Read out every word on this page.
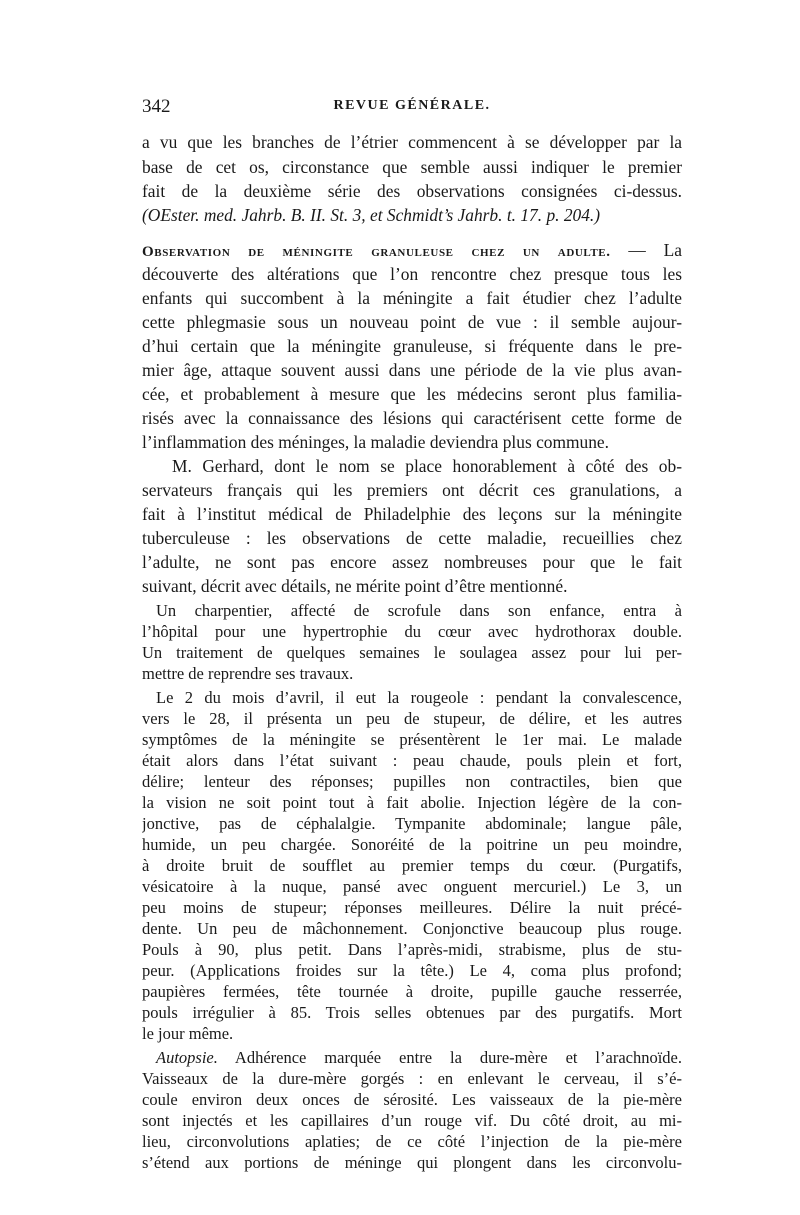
342	REVUE GÉNÉRALE.
a vu que les branches de l’étrier commencent à se développer par la
base de cet os, circonstance que semble aussi indiquer le premier
fait de la deuxième série des observations consignées ci-dessus.
(OEster. med. Jahrb. B. II. St. 3, et Schmidt’s Jahrb. t. 17. p. 204.)
Observation de méningite granuleuse chez un adulte. — La
découverte des altérations que l’on rencontre chez presque tous les
enfants qui succombent à la méningite a fait étudier chez l’adulte
cette phlegmasie sous un nouveau point de vue : il semble aujour-
d’hui certain que la méningite granuleuse, si fréquente dans le pre-
mier âge, attaque souvent aussi dans une période de la vie plus avan-
cée, et probablement à mesure que les médecins seront plus familia-
risés avec la connaissance des lésions qui caractérisent cette forme de
l’inflammation des méninges, la maladie deviendra plus commune.
M. Gerhard, dont le nom se place honorablement à côté des ob-
servateurs français qui les premiers ont décrit ces granulations, a
fait à l’institut médical de Philadelphie des leçons sur la méningite
tuberculeuse : les observations de cette maladie, recueillies chez
l’adulte, ne sont pas encore assez nombreuses pour que le fait
suivant, décrit avec détails, ne mérite point d’être mentionné.
Un charpentier, affecté de scrofule dans son enfance, entra à
l’hôpital pour une hypertrophie du cœur avec hydrothorax double.
Un traitement de quelques semaines le soulagea assez pour lui per-
mettre de reprendre ses travaux.
Le 2 du mois d’avril, il eut la rougeole : pendant la convalescence,
vers le 28, il présenta un peu de stupeur, de délire, et les autres
symptômes de la méningite se présentèrent le 1er mai. Le malade
était alors dans l’état suivant : peau chaude, pouls plein et fort,
délire; lenteur des réponses; pupilles non contractiles, bien que
la vision ne soit point tout à fait abolie. Injection légère de la con-
jonctive, pas de céphalalgie. Tympanite abdominale; langue pâle,
humide, un peu chargée. Sonoréité de la poitrine un peu moindre,
à droite bruit de soufflet au premier temps du cœur. (Purgatifs,
vésicatoire à la nuque, pansé avec onguent mercuriel.) Le 3, un
peu moins de stupeur; réponses meilleures. Délire la nuit précé-
dente. Un peu de mâchonnement. Conjonctive beaucoup plus rouge.
Pouls à 90, plus petit. Dans l’après-midi, strabisme, plus de stu-
peur. (Applications froides sur la tête.) Le 4, coma plus profond;
paupières fermées, tête tournée à droite, pupille gauche resserrée,
pouls irrégulier à 85. Trois selles obtenues par des purgatifs. Mort
le jour même.
Autopsie. Adhérence marquée entre la dure-mère et l’arachnoïde.
Vaisseaux de la dure-mère gorgés : en enlevant le cerveau, il s’é-
coule environ deux onces de sérosité. Les vaisseaux de la pie-mère
sont injectés et les capillaires d’un rouge vif. Du côté droit, au mi-
lieu, circonvolutions aplaties; de ce côté l’injection de la pie-mère
s’étend aux portions de méninge qui plongent dans les circonvolu-
